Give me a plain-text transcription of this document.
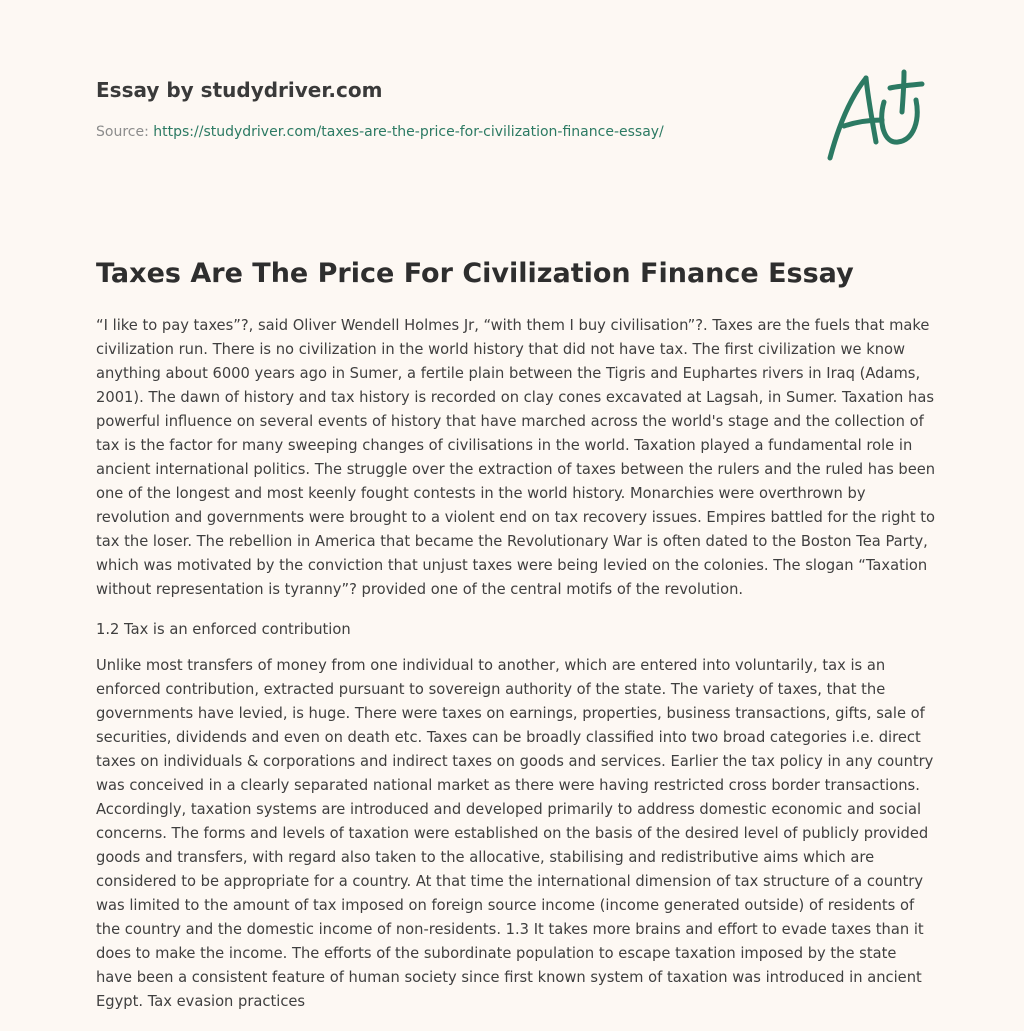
Essay by studydriver.com
Source: https://studydriver.com/taxes-are-the-price-for-civilization-finance-essay/
Taxes Are The Price For Civilization Finance Essay

“I like to pay taxes”?, said Oliver Wendell Holmes Jr, “with them I buy civilisation”?. Taxes are the fuels that make civilization run. There is no civilization in the world history that did not have tax. The first civilization we know anything about 6000 years ago in Sumer, a fertile plain between the Tigris and Euphartes rivers in Iraq (Adams, 2001). The dawn of history and tax history is recorded on clay cones excavated at Lagsah, in Sumer. Taxation has powerful influence on several events of history that have marched across the world's stage and the collection of tax is the factor for many sweeping changes of civilisations in the world. Taxation played a fundamental role in ancient international politics. The struggle over the extraction of taxes between the rulers and the ruled has been one of the longest and most keenly fought contests in the world history. Monarchies were overthrown by revolution and governments were brought to a violent end on tax recovery issues. Empires battled for the right to tax the loser. The rebellion in America that became the Revolutionary War is often dated to the Boston Tea Party, which was motivated by the conviction that unjust taxes were being levied on the colonies. The slogan “Taxation without representation is tyranny”? provided one of the central motifs of the revolution.

1.2 Tax is an enforced contribution

Unlike most transfers of money from one individual to another, which are entered into voluntarily, tax is an enforced contribution, extracted pursuant to sovereign authority of the state. The variety of taxes, that the governments have levied, is huge. There were taxes on earnings, properties, business transactions, gifts, sale of securities, dividends and even on death etc. Taxes can be broadly classified into two broad categories i.e. direct taxes on individuals & corporations and indirect taxes on goods and services. Earlier the tax policy in any country was conceived in a clearly separated national market as there were having restricted cross border transactions. Accordingly, taxation systems are introduced and developed primarily to address domestic economic and social concerns. The forms and levels of taxation were established on the basis of the desired level of publicly provided goods and transfers, with regard also taken to the allocative, stabilising and redistributive aims which are considered to be appropriate for a country. At that time the international dimension of tax structure of a country was limited to the amount of tax imposed on foreign source income (income generated outside) of residents of the country and the domestic income of non-residents. 1.3 It takes more brains and effort to evade taxes than it does to make the income. The efforts of the subordinate population to escape taxation imposed by the state have been a consistent feature of human society since first known system of taxation was introduced in ancient Egypt. Tax evasion practices
